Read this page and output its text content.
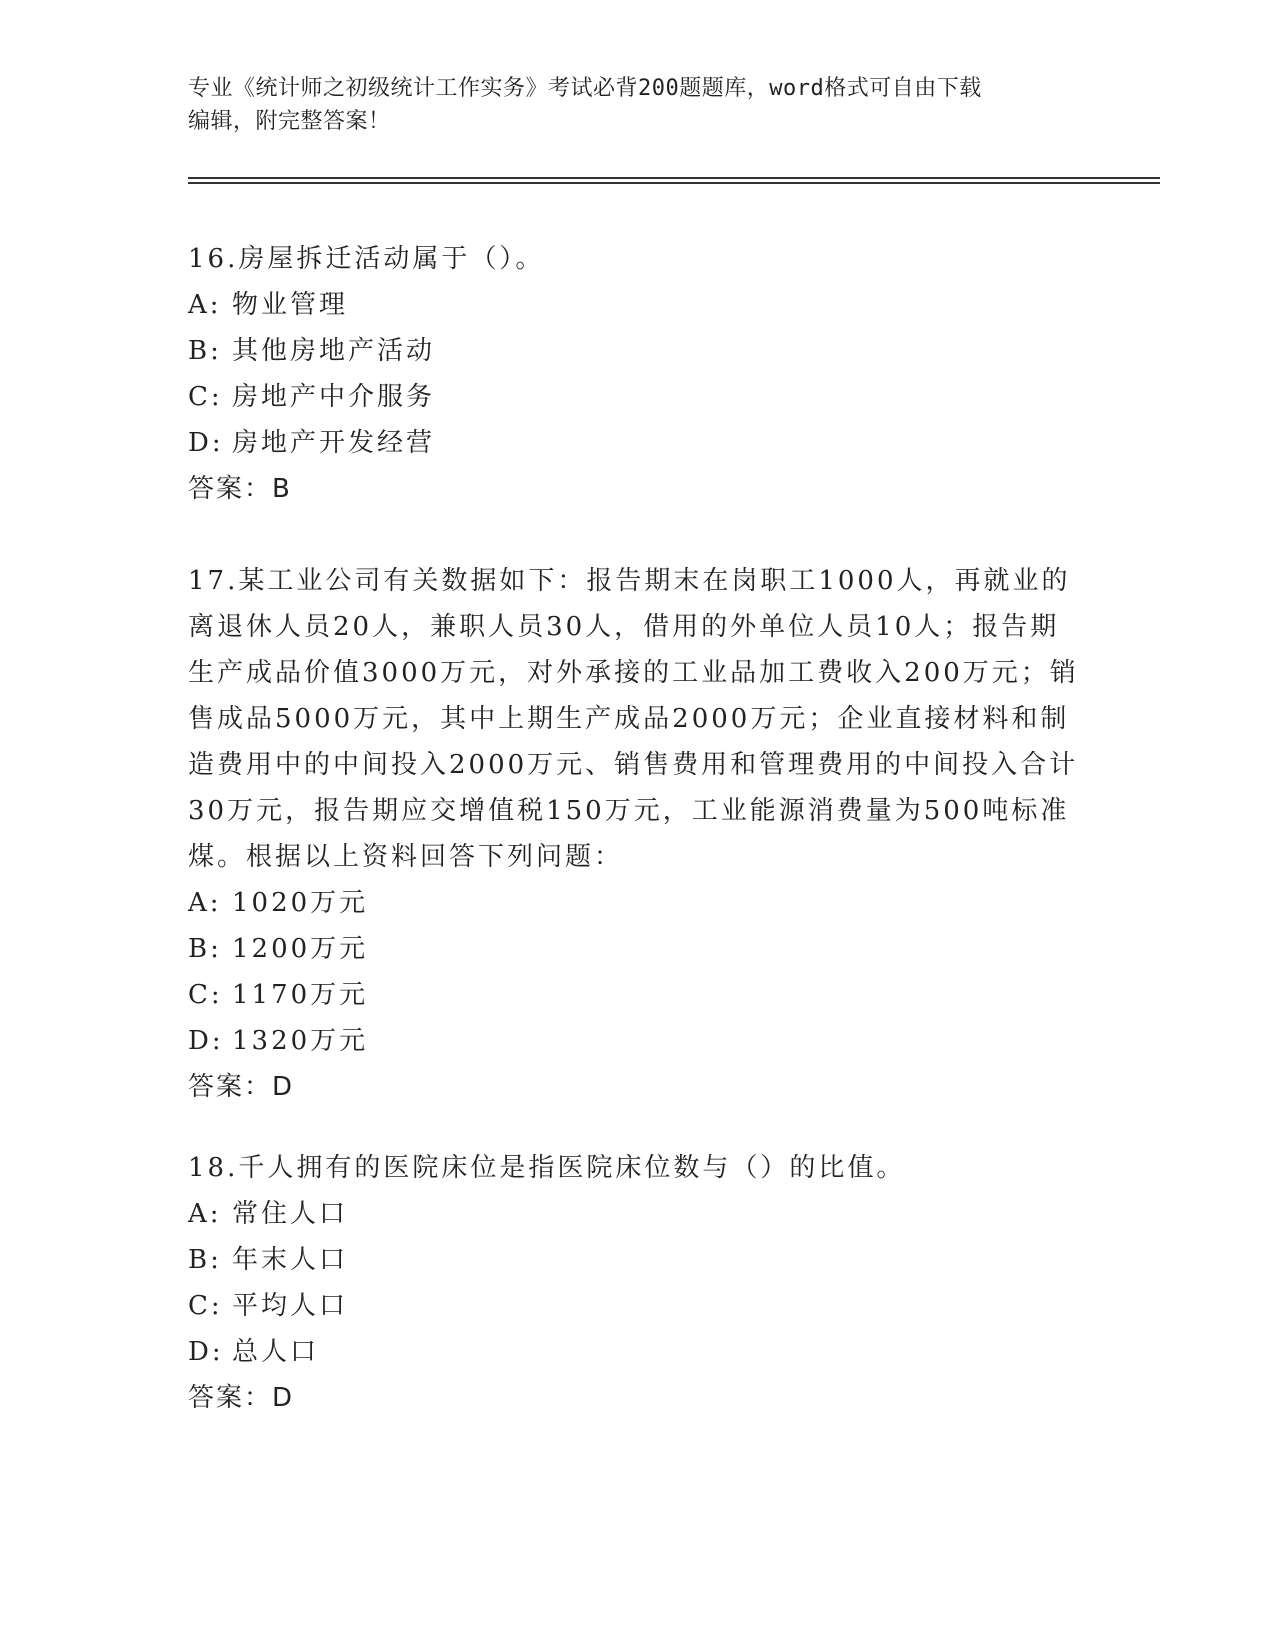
专业《统计师之初级统计工作实务》考试必背200题题库，word格式可自由下载
编辑，附完整答案！

16.房屋拆迁活动属于（）。

A: 物业管理

B: 其他房地产活动

C: 房地产中介服务

D: 房地产开发经营

答案：B

17.某工业公司有关数据如下：报告期末在岗职工1000人，再就业的离退休人员20人，兼职人员30人，借用的外单位人员10人；报告期生产成品价值3000万元，对外承接的工业品加工费收入200万元；销售成品5000万元，其中上期生产成品2000万元；企业直接材料和制造费用中的中间投入2000万元、销售费用和管理费用的中间投入合计30万元，报告期应交增值税150万元，工业能源消费量为500吨标准煤。根据以上资料回答下列问题：

A: 1020万元

B: 1200万元

C: 1170万元

D: 1320万元

答案：D

18.千人拥有的医院床位是指医院床位数与（）的比值。

A: 常住人口

B: 年末人口

C: 平均人口

D: 总人口

答案：D
